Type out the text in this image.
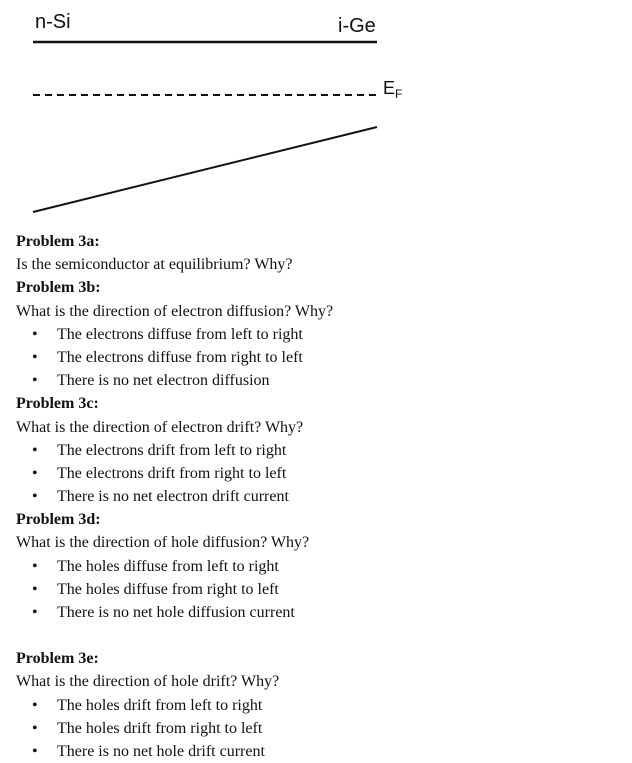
n-Si	i-Ge
$E_F$
Problem 3a:
Is the semiconductor at equilibrium? Why?
Problem 3b:
What is the direction of electron diffusion? Why?
• The electrons diffuse from left to right
• The electrons diffuse from right to left
• There is no net electron diffusion
Problem 3c:
What is the direction of electron drift? Why?
• The electrons drift from left to right
• The electrons drift from right to left
• There is no net electron drift current
Problem 3d:
What is the direction of hole diffusion? Why?
• The holes diffuse from left to right
• The holes diffuse from right to left
• There is no net hole diffusion current
Problem 3e:
What is the direction of hole drift? Why?
• The holes drift from left to right
• The holes drift from right to left
• There is no net hole drift current
